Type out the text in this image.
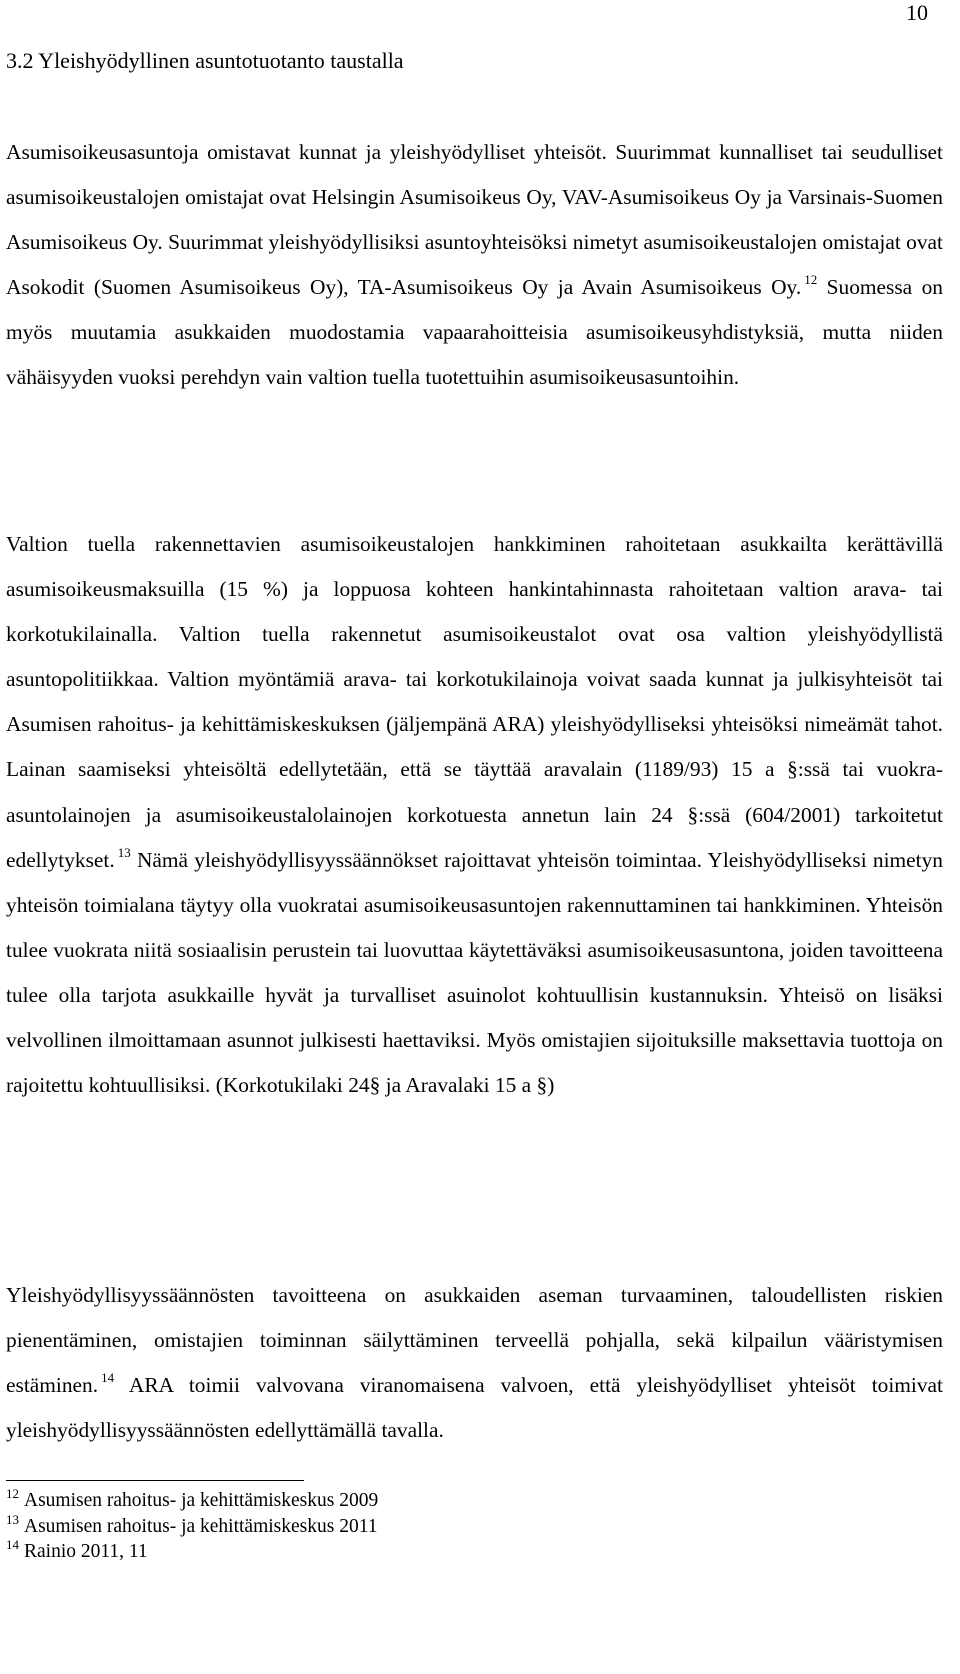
10
3.2 Yleishyödyllinen asuntotuotanto taustalla

Asumisoikeusasuntoja omistavat kunnat ja yleishyödylliset yhteisöt. Suurimmat kunnalliset tai seudulliset asumisoikeustalojen omistajat ovat Helsingin Asumisoikeus Oy, VAV-Asumisoikeus Oy ja Varsinais-Suomen Asumisoikeus Oy. Suurimmat yleishyödyllisiksi asuntoyhteisöksi nimetyt asumisoikeustalojen omistajat ovat Asokodit (Suomen Asumisoikeus Oy), TA-Asumisoikeus Oy ja Avain Asumisoikeus Oy. $^{12}$ Suomessa on myös muutamia asukkaiden muodostamia vapaarahoitteisia asumisoikeusyhdistyksiä, mutta niiden vähäisyyden vuoksi perehdyn vain valtion tuella tuotettuihin asumisoikeusasuntoihin.

Valtion tuella rakennettavien asumisoikeustalojen hankkiminen rahoitetaan asukkailta kerättävillä asumisoikeusmaksuilla (15 %) ja loppuosa kohteen hankintahinnasta rahoitetaan valtion arava- tai korkotukilainalla. Valtion tuella rakennetut asumisoikeustalot ovat osa valtion yleishyödyllistä asuntopolitiikkaa. Valtion myöntämiä arava- tai korkotukilainoja voivat saada kunnat ja julkisyhteisöt tai Asumisen rahoitus- ja kehittämiskeskuksen (jäljempänä ARA) yleishyödylliseksi yhteisöksi nimeämät tahot. Lainan saamiseksi yhteisöltä edellytetään, että se täyttää aravalain (1189/93) 15 a §:ssä tai vuokra-asuntolainojen ja asumisoikeustalolainojen korkotuesta annetun lain 24 §:ssä (604/2001) tarkoitetut edellytykset. $^{13}$ Nämä yleishyödyllisyyssäännökset rajoittavat yhteisön toimintaa. Yleishyödylliseksi nimetyn yhteisön toimialana täytyy olla vuokratai asumisoikeusasuntojen rakennuttaminen tai hankkiminen. Yhteisön tulee vuokrata niitä sosiaalisin perustein tai luovuttaa käytettäväksi asumisoikeusasuntona, joiden tavoitteena tulee olla tarjota asukkaille hyvät ja turvalliset asuinolot kohtuullisin kustannuksin. Yhteisö on lisäksi velvollinen ilmoittamaan asunnot julkisesti haettaviksi. Myös omistajien sijoituksille maksettavia tuottoja on rajoitettu kohtuullisiksi. (Korkotukilaki 24§ ja Aravalaki 15 a §)

Yleishyödyllisyyssäännösten tavoitteena on asukkaiden aseman turvaaminen, taloudellisten riskien pienentäminen, omistajien toiminnan säilyttäminen terveellä pohjalla, sekä kilpailun vääristymisen estäminen. $^{14}$ ARA toimii valvovana viranomaisena valvoen, että yleishyödylliset yhteisöt toimivat yleishyödyllisyyssäännösten edellyttämällä tavalla.

$^{12}$ Asumisen rahoitus- ja kehittämiskeskus 2009
$^{13}$ Asumisen rahoitus- ja kehittämiskeskus 2011
$^{14}$ Rainio 2011, 11
